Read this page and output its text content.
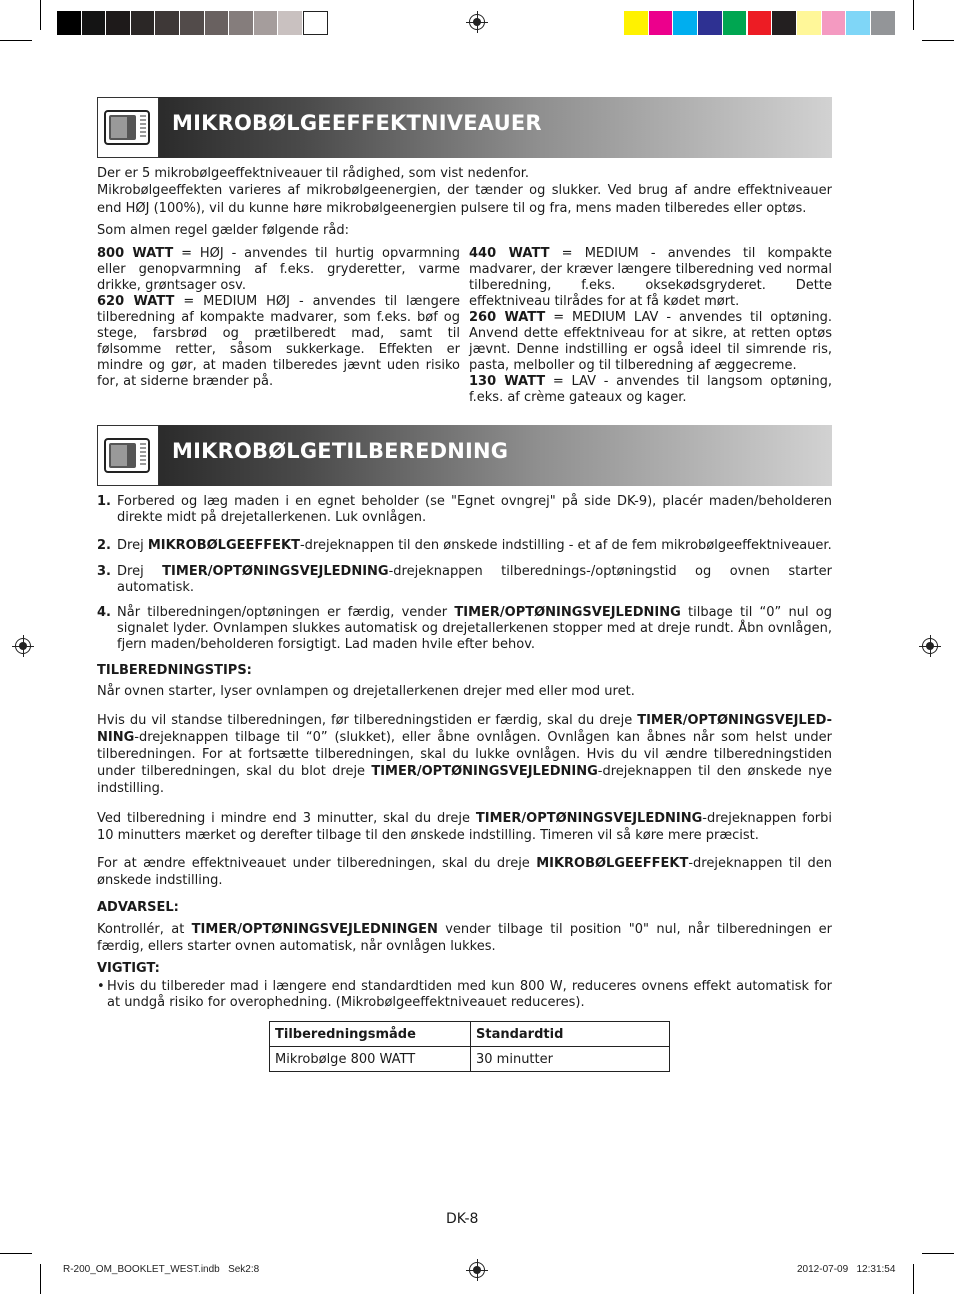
MIKROBØLGEEFFEKTNIVEAUER
Der er 5 mikrobølgeeffektniveauer til rådighed, som vist nedenfor.
Mikrobølgeeffekten varieres af mikrobølgeenergien, der tænder og slukker. Ved brug af andre effektniveauer end HØJ (100%), vil du kunne høre mikrobølgeenergien pulsere til og fra, mens maden tilberedes eller optøs.
Som almen regel gælder følgende råd:
800 WATT = HØJ - anvendes til hurtig opvarmning eller genopvarmning af f.eks. gryderetter, varme drikke, grøntsager osv.
620 WATT = MEDIUM HØJ - anvendes til længere tilberedning af kompakte madvarer, som f.eks. bøf og stege, farsbrød og prætilberedt mad, samt til følsomme retter, såsom sukkerkage. Effekten er mindre og gør, at maden tilberedes jævnt uden risiko for, at siderne brænder på.
440 WATT = MEDIUM - anvendes til kompakte madvarer, der kræver længere tilberedning ved normal tilberedning, f.eks. oksekødsgryderet. Dette effektniveau tilrådes for at få kødet mørt.
260 WATT = MEDIUM LAV - anvendes til optøning. Anvend dette effektniveau for at sikre, at retten optøs jævnt. Denne indstilling er også ideel til simrende ris, pasta, melboller og til tilberedning af æggecreme.
130 WATT = LAV - anvendes til langsom optøning, f.eks. af crème gateaux og kager.
MIKROBØLGETILBEREDNING
1. Forbered og læg maden i en egnet beholder (se "Egnet ovngrej" på side DK-9), placér maden/beholderen direkte midt på drejetallerkenen. Luk ovnlågen.
2. Drej MIKROBØLGEEFFEKT-drejeknappen til den ønskede indstilling - et af de fem mikrobølgeeffektniveauer.
3. Drej TIMER/OPTØNINGSVEJLEDNING-drejeknappen tilberednings-/optøningstid og ovnen starter automatisk.
4. Når tilberedningen/optøningen er færdig, vender TIMER/OPTØNINGSVEJLEDNING tilbage til “0” nul og signalet lyder. Ovnlampen slukkes automatisk og drejetallerkenen stopper med at dreje rundt. Åbn ovnlågen, fjern maden/beholderen forsigtigt. Lad maden hvile efter behov.
TILBEREDNINGSTIPS:
Når ovnen starter, lyser ovnlampen og drejetallerkenen drejer med eller mod uret.
Hvis du vil standse tilberedningen, før tilberedningstiden er færdig, skal du dreje TIMER/OPTØNINGSVEJLED-NING-drejeknappen tilbage til “0” (slukket), eller åbne ovnlågen. Ovnlågen kan åbnes når som helst under tilberedningen. For at fortsætte tilberedningen, skal du lukke ovnlågen. Hvis du vil ændre tilberedningstiden under tilberedningen, skal du blot dreje TIMER/OPTØNINGSVEJLEDNING-drejeknappen til den ønskede nye indstilling.
Ved tilberedning i mindre end 3 minutter, skal du dreje TIMER/OPTØNINGSVEJLEDNING-drejeknappen forbi 10 minutters mærket og derefter tilbage til den ønskede indstilling. Timeren vil så køre mere præcist.
For at ændre effektniveauet under tilberedningen, skal du dreje MIKROBØLGEEFFEKT-drejeknappen til den ønskede indstilling.
ADVARSEL:
Kontrollér, at TIMER/OPTØNINGSVEJLEDNINGEN vender tilbage til position "0" nul, når tilberedningen er færdig, ellers starter ovnen automatisk, når ovnlågen lukkes.
VIGTIGT:
• Hvis du tilbereder mad i længere end standardtiden med kun 800 W, reduceres ovnens effekt automatisk for at undgå risiko for overophedning. (Mikrobølgeeffektniveauet reduceres).
Tilberedningsmåde	Standardtid
Mikrobølge 800 WATT	30 minutter
DK-8
R-200_OM_BOOKLET_WEST.indb   Sek2:8	2012-07-09   12:31:54
